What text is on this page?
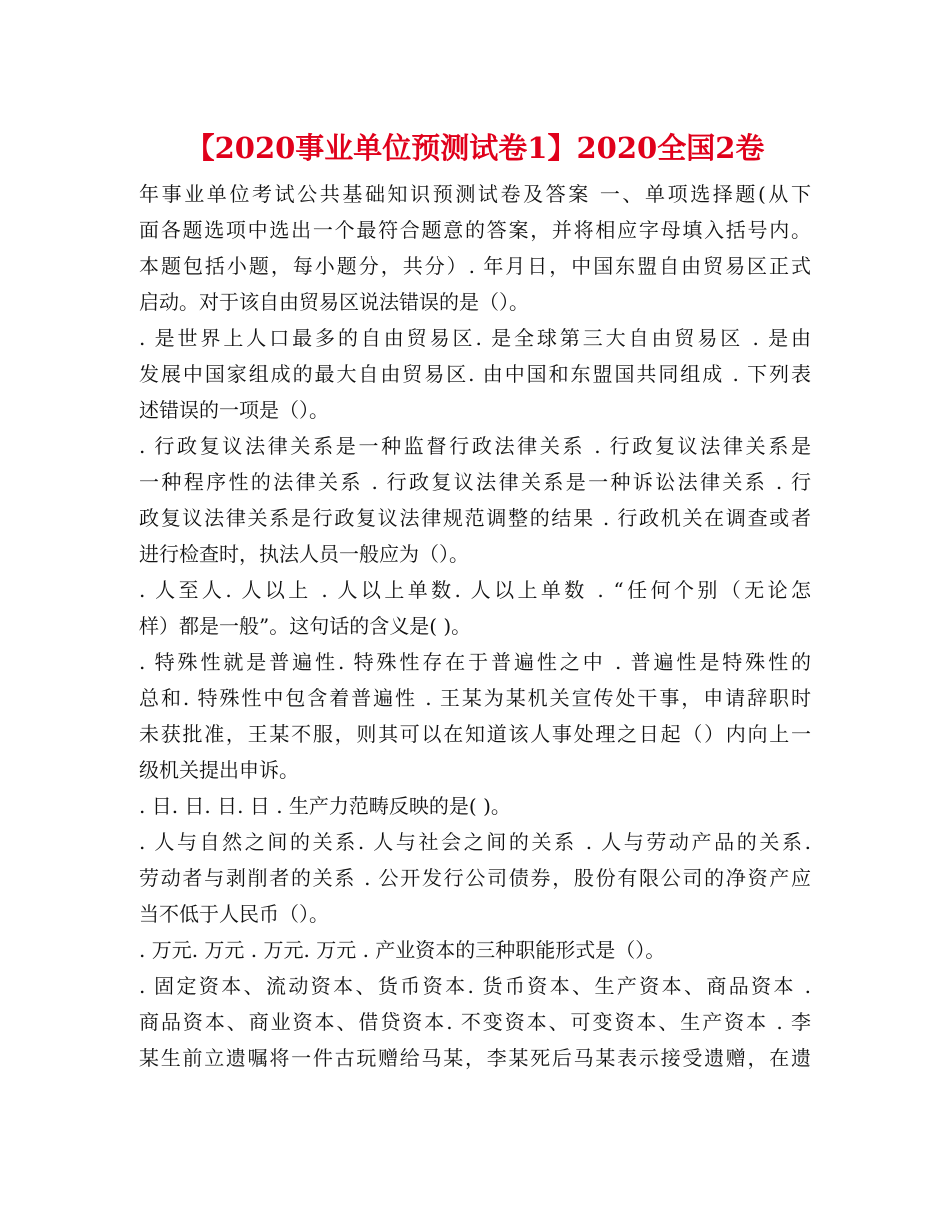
【2020事业单位预测试卷1】2020全国2卷
年事业单位考试公共基础知识预测试卷及答案 一、单项选择题(从下
面各题选项中选出一个最符合题意的答案，并将相应字母填入括号内。
本题包括小题，每小题分，共分）. 年月日，中国东盟自由贸易区正式
启动。对于该自由贸易区说法错误的是（）。
. 是世界上人口最多的自由贸易区. 是全球第三大自由贸易区 . 是由
发展中国家组成的最大自由贸易区. 由中国和东盟国共同组成 . 下列表
述错误的一项是（）。
. 行政复议法律关系是一种监督行政法律关系 . 行政复议法律关系是
一种程序性的法律关系 . 行政复议法律关系是一种诉讼法律关系 . 行
政复议法律关系是行政复议法律规范调整的结果 . 行政机关在调查或者
进行检查时，执法人员一般应为（）。
. 人至人. 人以上 . 人以上单数. 人以上单数 . “任何个别（无论怎
样）都是一般”。这句话的含义是( )。
. 特殊性就是普遍性. 特殊性存在于普遍性之中 . 普遍性是特殊性的
总和. 特殊性中包含着普遍性 . 王某为某机关宣传处干事，申请辞职时
未获批准，王某不服，则其可以在知道该人事处理之日起（）内向上一
级机关提出申诉。
. 日. 日. 日. 日 . 生产力范畴反映的是( )。
. 人与自然之间的关系. 人与社会之间的关系 . 人与劳动产品的关系.
劳动者与剥削者的关系 . 公开发行公司债券，股份有限公司的净资产应
当不低于人民币（）。
. 万元. 万元 . 万元. 万元 . 产业资本的三种职能形式是（）。
. 固定资本、流动资本、货币资本. 货币资本、生产资本、商品资本 .
商品资本、商业资本、借贷资本. 不变资本、可变资本、生产资本 . 李
某生前立遗嘱将一件古玩赠给马某，李某死后马某表示接受遗赠，在遗
